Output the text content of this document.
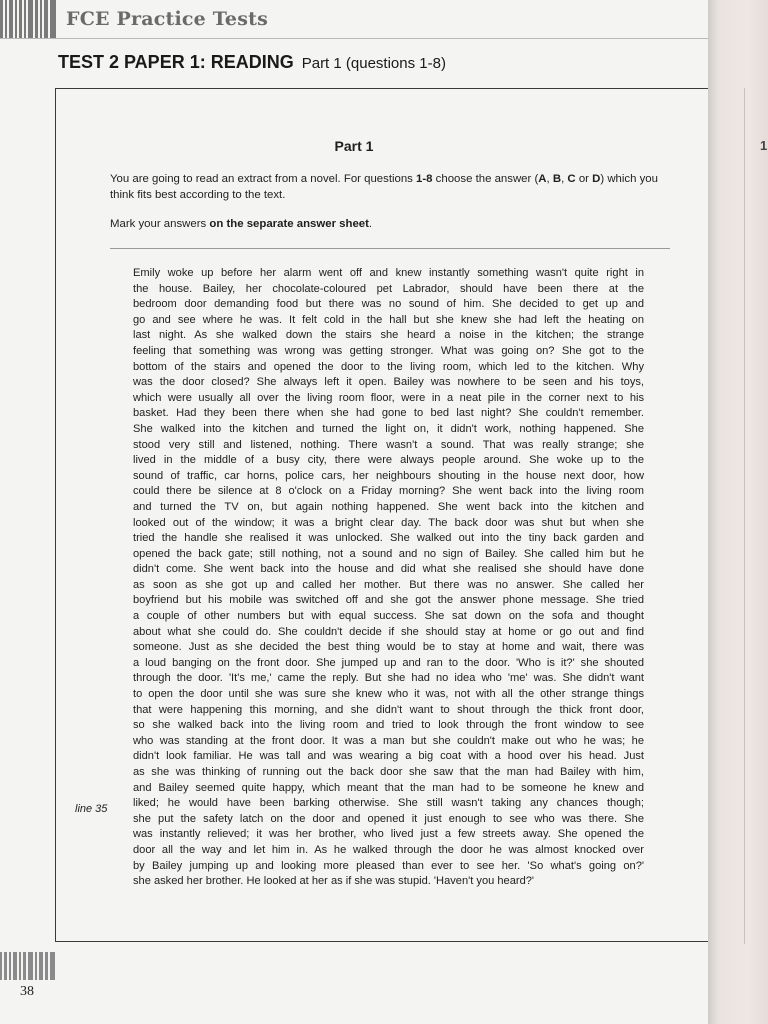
1
FCE Practice Tests
TEST 2 PAPER 1: READING Part 1 (questions 1-8)
Part 1
You are going to read an extract from a novel. For questions 1-8 choose the answer (A, B, C or D) which you think fits best according to the text.
Mark your answers on the separate answer sheet.
Emily woke up before her alarm went off and knew instantly something wasn't quite right in
the house. Bailey, her chocolate-coloured pet Labrador, should have been there at the
bedroom door demanding food but there was no sound of him. She decided to get up and
go and see where he was. It felt cold in the hall but she knew she had left the heating on
last night. As she walked down the stairs she heard a noise in the kitchen; the strange
feeling that something was wrong was getting stronger. What was going on? She got to the
bottom of the stairs and opened the door to the living room, which led to the kitchen. Why
was the door closed? She always left it open. Bailey was nowhere to be seen and his toys,
which were usually all over the living room floor, were in a neat pile in the corner next to his
basket. Had they been there when she had gone to bed last night? She couldn't remember.
She walked into the kitchen and turned the light on, it didn't work, nothing happened. She
stood very still and listened, nothing. There wasn't a sound. That was really strange; she
lived in the middle of a busy city, there were always people around. She woke up to the
sound of traffic, car horns, police cars, her neighbours shouting in the house next door, how
could there be silence at 8 o'clock on a Friday morning? She went back into the living room
and turned the TV on, but again nothing happened. She went back into the kitchen and
looked out of the window; it was a bright clear day. The back door was shut but when she
tried the handle she realised it was unlocked. She walked out into the tiny back garden and
opened the back gate; still nothing, not a sound and no sign of Bailey. She called him but he
didn't come. She went back into the house and did what she realised she should have done
as soon as she got up and called her mother. But there was no answer. She called her
boyfriend but his mobile was switched off and she got the answer phone message. She tried
a couple of other numbers but with equal success. She sat down on the sofa and thought
about what she could do. She couldn't decide if she should stay at home or go out and find
someone. Just as she decided the best thing would be to stay at home and wait, there was
a loud banging on the front door. She jumped up and ran to the door. 'Who is it?' she shouted
through the door. 'It's me,' came the reply. But she had no idea who 'me' was. She didn't want
to open the door until she was sure she knew who it was, not with all the other strange things
that were happening this morning, and she didn't want to shout through the thick front door,
so she walked back into the living room and tried to look through the front window to see
who was standing at the front door. It was a man but she couldn't make out who he was; he
didn't look familiar. He was tall and was wearing a big coat with a hood over his head. Just
as she was thinking of running out the back door she saw that the man had Bailey with him,
and Bailey seemed quite happy, which meant that the man had to be someone he knew and
liked; he would have been barking otherwise. She still wasn't taking any chances though;
she put the safety latch on the door and opened it just enough to see who was there. She
was instantly relieved; it was her brother, who lived just a few streets away. She opened the
door all the way and let him in. As he walked through the door he was almost knocked over
by Bailey jumping up and looking more pleased than ever to see her. 'So what's going on?'
she asked her brother. He looked at her as if she was stupid. 'Haven't you heard?'
line 35
38
